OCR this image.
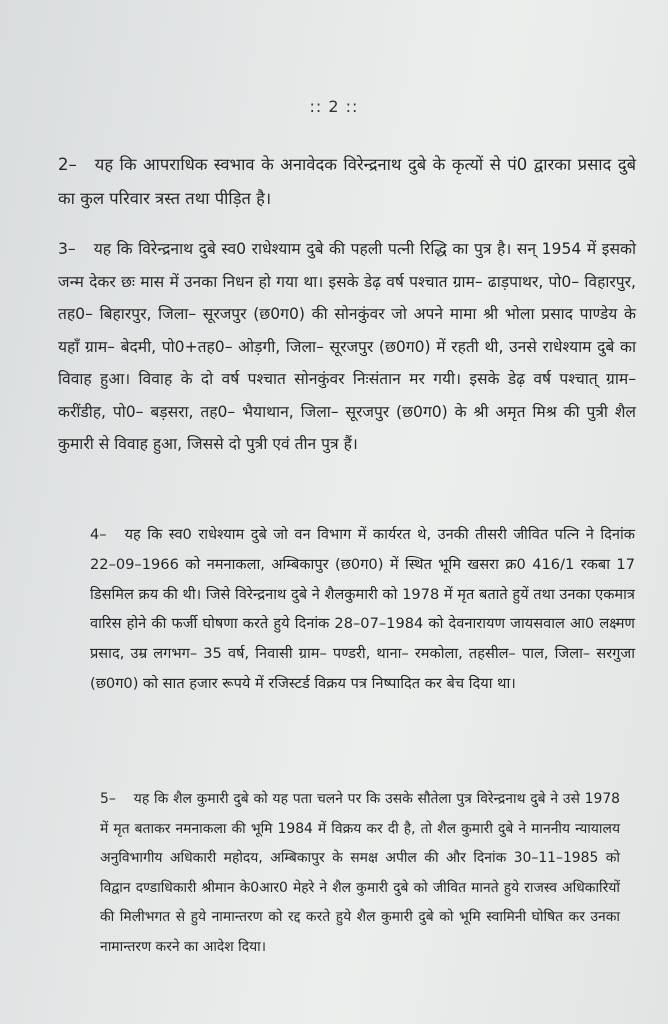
:: 2 ::

2– यह कि आपराधिक स्वभाव के अनावेदक विरेन्द्रनाथ दुबे के कृत्यों से पं0 द्वारका प्रसाद दुबे का कुल परिवार त्रस्त तथा पीड़ित है।

3– यह कि विरेन्द्रनाथ दुबे स्व0 राधेश्याम दुबे की पहली पत्नी रिद्धि का पुत्र है। सन् 1954 में इसको जन्म देकर छः मास में उनका निधन हो गया था। इसके डेढ़ वर्ष पश्चात ग्राम– ढाड़पाथर, पो0– विहारपुर, तह0– बिहारपुर, जिला– सूरजपुर (छ0ग0) की सोनकुंवर जो अपने मामा श्री भोला प्रसाद पाण्डेय के यहाँ ग्राम– बेदमी, पो0+तह0– ओड़गी, जिला– सूरजपुर (छ0ग0) में रहती थी, उनसे राधेश्याम दुबे का विवाह हुआ। विवाह के दो वर्ष पश्चात सोनकुंवर निःसंतान मर गयी। इसके डेढ़ वर्ष पश्चात् ग्राम– करींडीह, पो0– बड़सरा, तह0– भैयाथान, जिला– सूरजपुर (छ0ग0) के श्री अमृत मिश्र की पुत्री शैल कुमारी से विवाह हुआ, जिससे दो पुत्री एवं तीन पुत्र हैं।

4– यह कि स्व0 राधेश्याम दुबे जो वन विभाग में कार्यरत थे, उनकी तीसरी जीवित पत्नि ने दिनांक 22–09–1966 को नमनाकला, अम्बिकापुर (छ0ग0) में स्थित भूमि खसरा क्र0 416/1 रकबा 17 डिसमिल क्रय की थी। जिसे विरेन्द्रनाथ दुबे ने शैलकुमारी को 1978 में मृत बताते हुयें तथा उनका एकमात्र वारिस होने की फर्जी घोषणा करते हुये दिनांक 28–07–1984 को देवनारायण जायसवाल आ0 लक्ष्मण प्रसाद, उम्र लगभग– 35 वर्ष, निवासी ग्राम– पण्डरी, थाना– रमकोला, तहसील– पाल, जिला– सरगुजा (छ0ग0) को सात हजार रूपये में रजिस्टर्ड विक्रय पत्र निष्पादित कर बेच दिया था।

5– यह कि शैल कुमारी दुबे को यह पता चलने पर कि उसके सौतेला पुत्र विरेन्द्रनाथ दुबे ने उसे 1978 में मृत बताकर नमनाकला की भूमि 1984 में विक्रय कर दी है, तो शैल कुमारी दुबे ने माननीय न्यायालय अनुविभागीय अधिकारी महोदय, अम्बिकापुर के समक्ष अपील की और दिनांक 30–11–1985 को विद्वान दण्डाधिकारी श्रीमान के0आर0 मेहरे ने शैल कुमारी दुबे को जीवित मानते हुये राजस्व अधिकारियों की मिलीभगत से हुये नामान्तरण को रद्द करते हुये शैल कुमारी दुबे को भूमि स्वामिनी घोषित कर उनका नामान्तरण करने का आदेश दिया।
